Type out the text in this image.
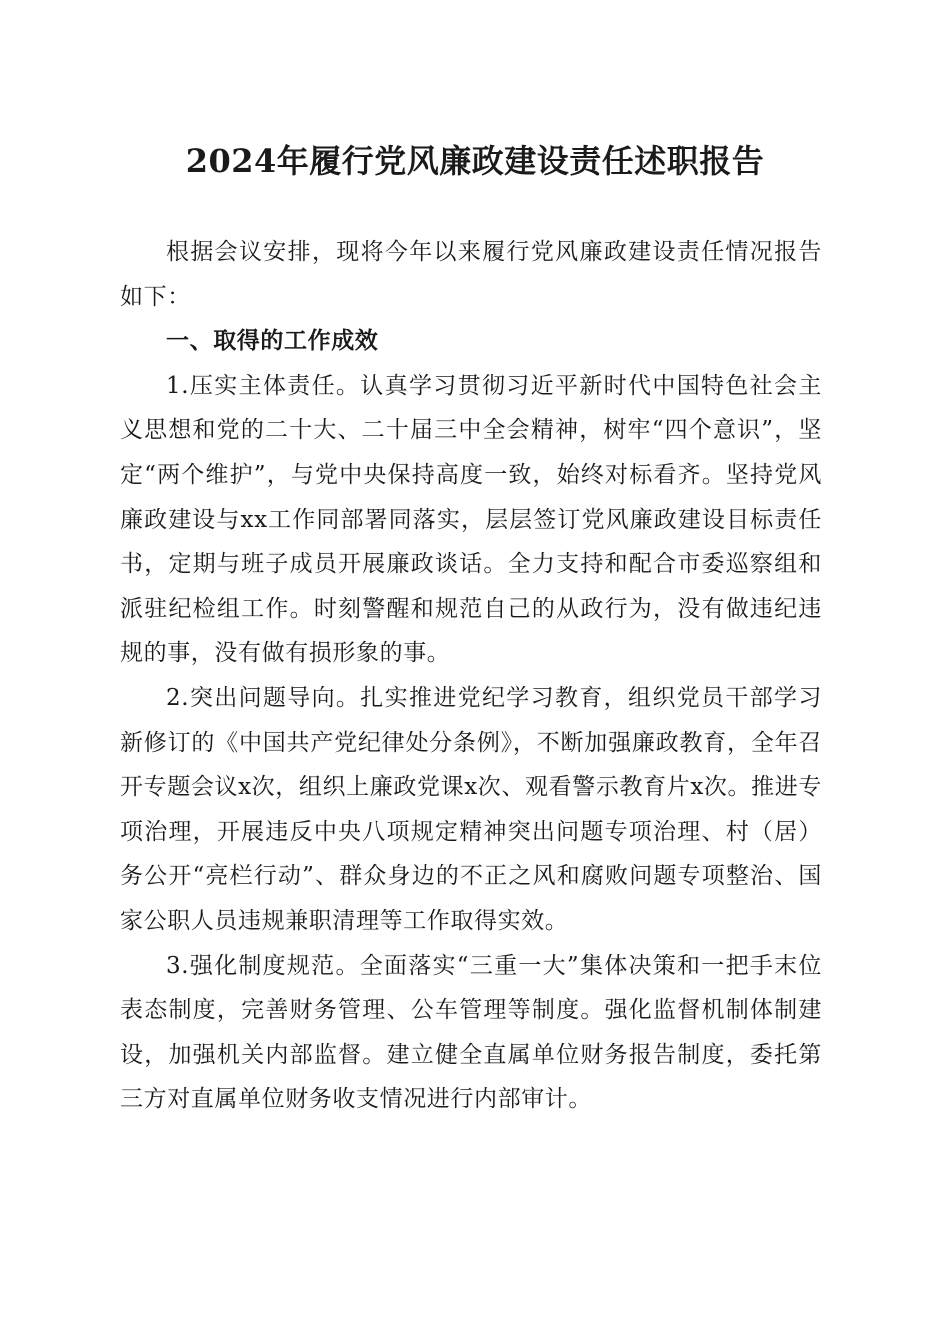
2024年履行党风廉政建设责任述职报告

根据会议安排，现将今年以来履行党风廉政建设责任情况报告如下：

一、取得的工作成效

1.压实主体责任。认真学习贯彻习近平新时代中国特色社会主义思想和党的二十大、二十届三中全会精神，树牢“四个意识”，坚定“两个维护”，与党中央保持高度一致，始终对标看齐。坚持党风廉政建设与xx工作同部署同落实，层层签订党风廉政建设目标责任书，定期与班子成员开展廉政谈话。全力支持和配合市委巡察组和派驻纪检组工作。时刻警醒和规范自己的从政行为，没有做违纪违规的事，没有做有损形象的事。

2.突出问题导向。扎实推进党纪学习教育，组织党员干部学习新修订的《中国共产党纪律处分条例》，不断加强廉政教育，全年召开专题会议x次，组织上廉政党课x次、观看警示教育片x次。推进专项治理，开展违反中央八项规定精神突出问题专项治理、村（居）务公开“亮栏行动”、群众身边的不正之风和腐败问题专项整治、国家公职人员违规兼职清理等工作取得实效。

3.强化制度规范。全面落实“三重一大”集体决策和一把手末位表态制度，完善财务管理、公车管理等制度。强化监督机制体制建设，加强机关内部监督。建立健全直属单位财务报告制度，委托第三方对直属单位财务收支情况进行内部审计。
